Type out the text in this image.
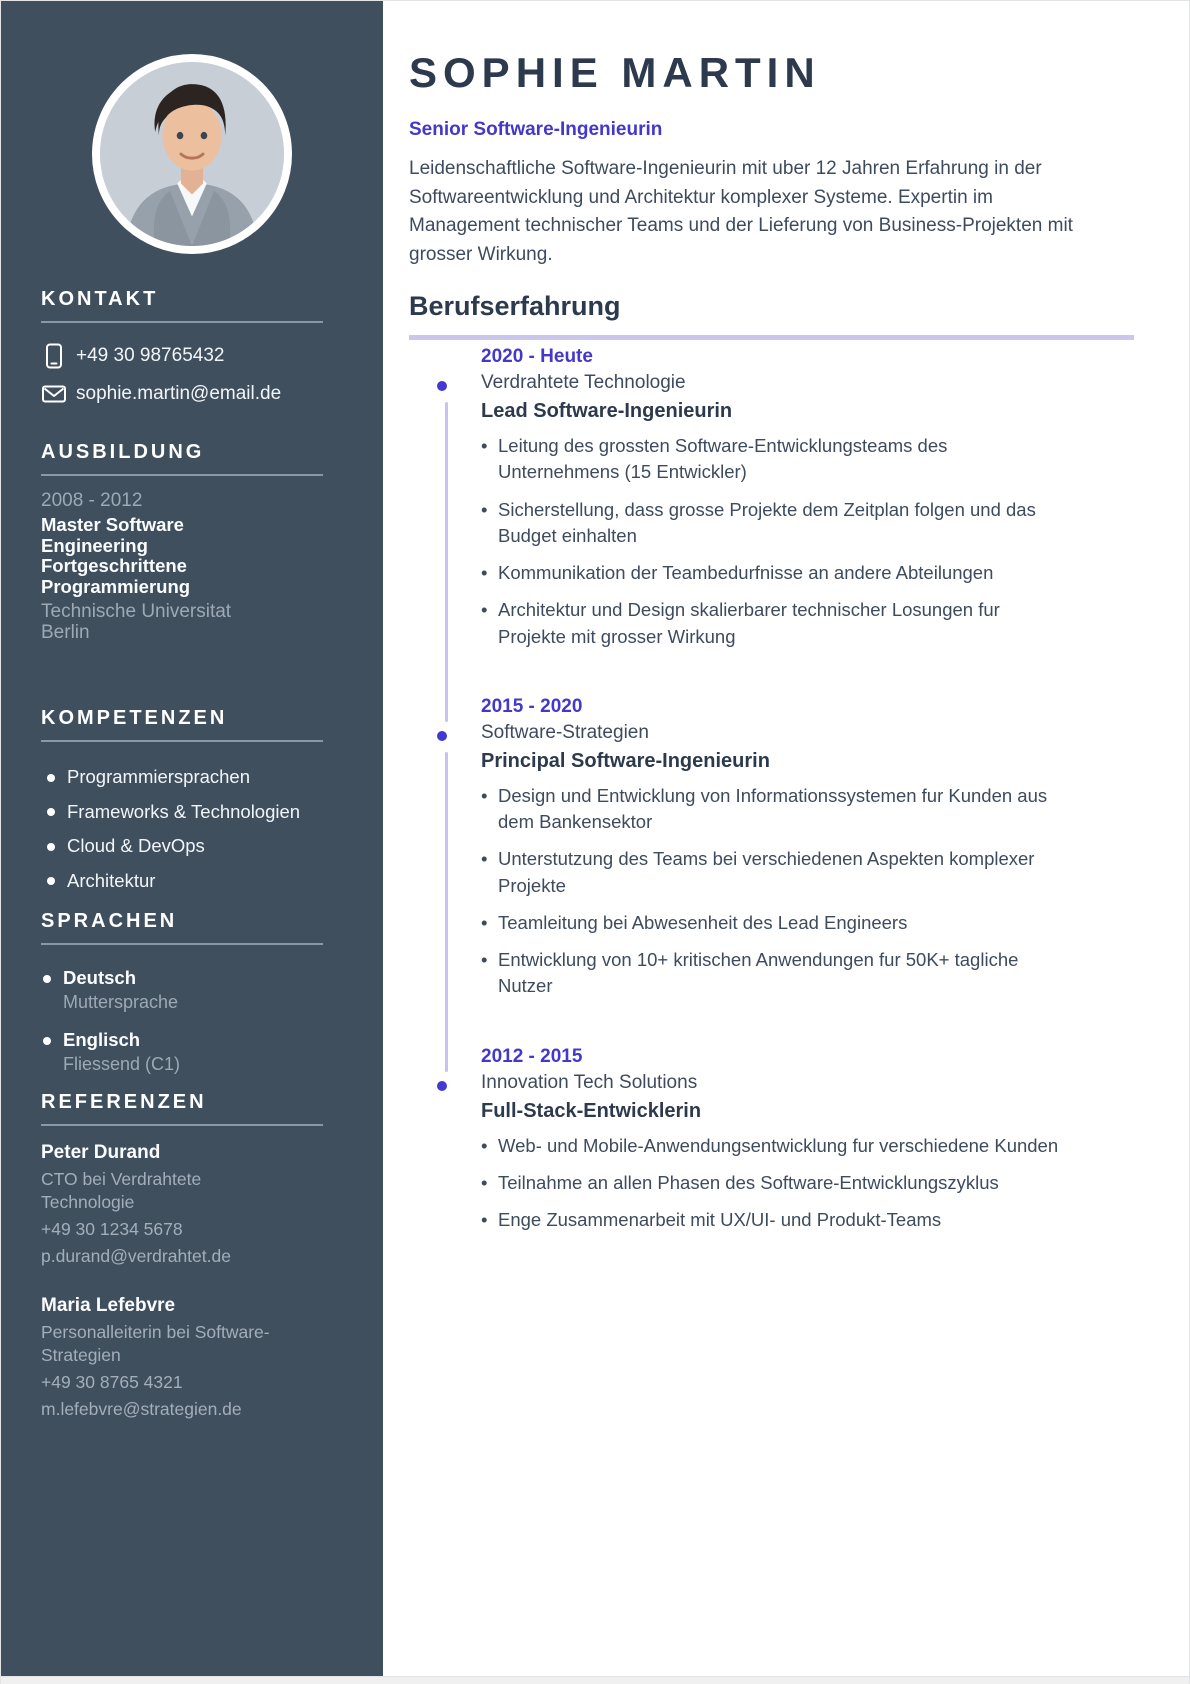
KONTAKT
+49 30 98765432
sophie.martin@email.de
AUSBILDUNG
2008 - 2012
Master Software Engineering
Fortgeschrittene Programmierung
Technische Universitat Berlin
KOMPETENZEN
Programmiersprachen
Frameworks & Technologien
Cloud & DevOps
Architektur
SPRACHEN
Deutsch
Muttersprache
Englisch
Fliessend (C1)
REFERENZEN
Peter Durand
CTO bei Verdrahtete Technologie
+49 30 1234 5678
p.durand@verdrahtet.de
Maria Lefebvre
Personalleiterin bei Software-Strategien
+49 30 8765 4321
m.lefebvre@strategien.de
SOPHIE MARTIN
Senior Software-Ingenieurin

Leidenschaftliche Software-Ingenieurin mit uber 12 Jahren Erfahrung in der Softwareentwicklung und Architektur komplexer Systeme. Expertin im Management technischer Teams und der Lieferung von Business-Projekten mit grosser Wirkung.

Berufserfahrung
2020 - Heute
Verdrahtete Technologie
Lead Software-Ingenieurin
• Leitung des grossten Software-Entwicklungsteams des Unternehmens (15 Entwickler)
• Sicherstellung, dass grosse Projekte dem Zeitplan folgen und das Budget einhalten
• Kommunikation der Teambedurfnisse an andere Abteilungen
• Architektur und Design skalierbarer technischer Losungen fur Projekte mit grosser Wirkung
2015 - 2020
Software-Strategien
Principal Software-Ingenieurin
• Design und Entwicklung von Informationssystemen fur Kunden aus dem Bankensektor
• Unterstutzung des Teams bei verschiedenen Aspekten komplexer Projekte
• Teamleitung bei Abwesenheit des Lead Engineers
• Entwicklung von 10+ kritischen Anwendungen fur 50K+ tagliche Nutzer
2012 - 2015
Innovation Tech Solutions
Full-Stack-Entwicklerin
• Web- und Mobile-Anwendungsentwicklung fur verschiedene Kunden
• Teilnahme an allen Phasen des Software-Entwicklungszyklus
• Enge Zusammenarbeit mit UX/UI- und Produkt-Teams
